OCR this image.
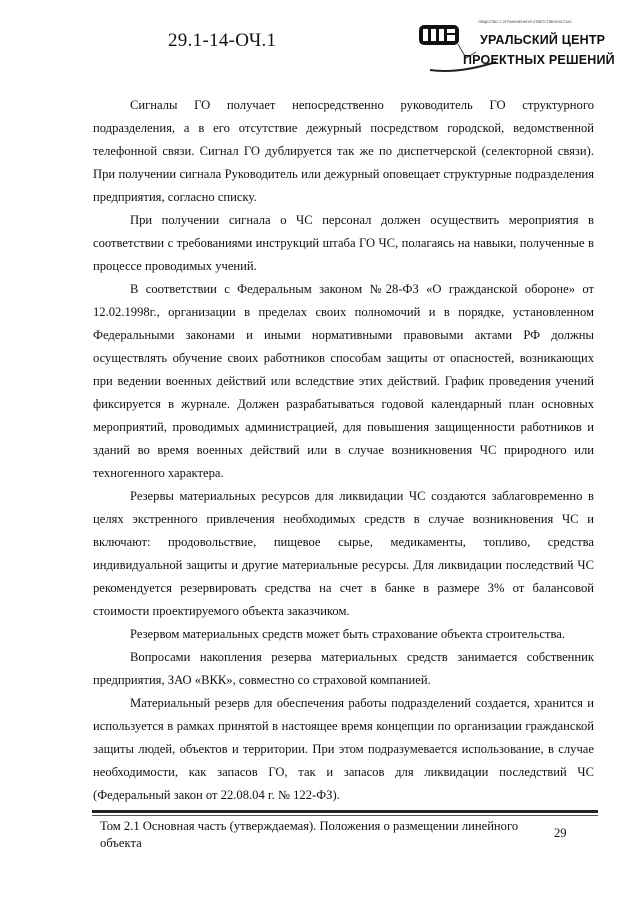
29.1-14-ОЧ.1
ОБЩЕСТВО С ОГРАНИЧЕННОЙ ОТВЕТСТВЕННОСТЬЮ
УРАЛЬСКИЙ ЦЕНТР
ПРОЕКТНЫХ РЕШЕНИЙ

Сигналы ГО получает непосредственно руководитель ГО структурного подразделения, а в его отсутствие дежурный посредством городской, ведомственной телефонной связи. Сигнал ГО дублируется так же по диспетчерской (селекторной связи). При получении сигнала Руководитель или дежурный оповещает структурные подразделения предприятия, согласно списку.

При получении сигнала о ЧС персонал должен осуществить мероприятия в соответствии с требованиями инструкций штаба ГО ЧС, полагаясь на навыки, полученные в процессе проводимых учений.

В соответствии с Федеральным законом №28-ФЗ «О гражданской обороне» от 12.02.1998г., организации в пределах своих полномочий и в порядке, установленном Федеральными законами и иными нормативными правовыми актами РФ должны осуществлять обучение своих работников способам защиты от опасностей, возникающих при ведении военных действий или вследствие этих действий. График проведения учений фиксируется в журнале. Должен разрабатываться годовой календарный план основных мероприятий, проводимых администрацией, для повышения защищенности работников и зданий во время военных действий или в случае возникновения ЧС природного или техногенного характера.

Резервы материальных ресурсов для ликвидации ЧС создаются заблаговременно в целях экстренного привлечения необходимых средств в случае возникновения ЧС и включают: продовольствие, пищевое сырье, медикаменты, топливо, средства индивидуальной защиты и другие материальные ресурсы. Для ликвидации последствий ЧС рекомендуется резервировать средства на счет в банке в размере 3% от балансовой стоимости проектируемого объекта заказчиком.

Резервом материальных средств может быть страхование объекта строительства.

Вопросами накопления резерва материальных средств занимается собственник предприятия, ЗАО «ВКК», совместно со страховой компанией.

Материальный резерв для обеспечения работы подразделений создается, хранится и используется в рамках принятой в настоящее время концепции по организации гражданской защиты людей, объектов и территории. При этом подразумевается использование, в случае необходимости, как запасов ГО, так и запасов для ликвидации последствий ЧС (Федеральный закон от 22.08.04 г. № 122-ФЗ).

Том 2.1 Основная часть (утверждаемая). Положения о размещении линейного объекта
29
